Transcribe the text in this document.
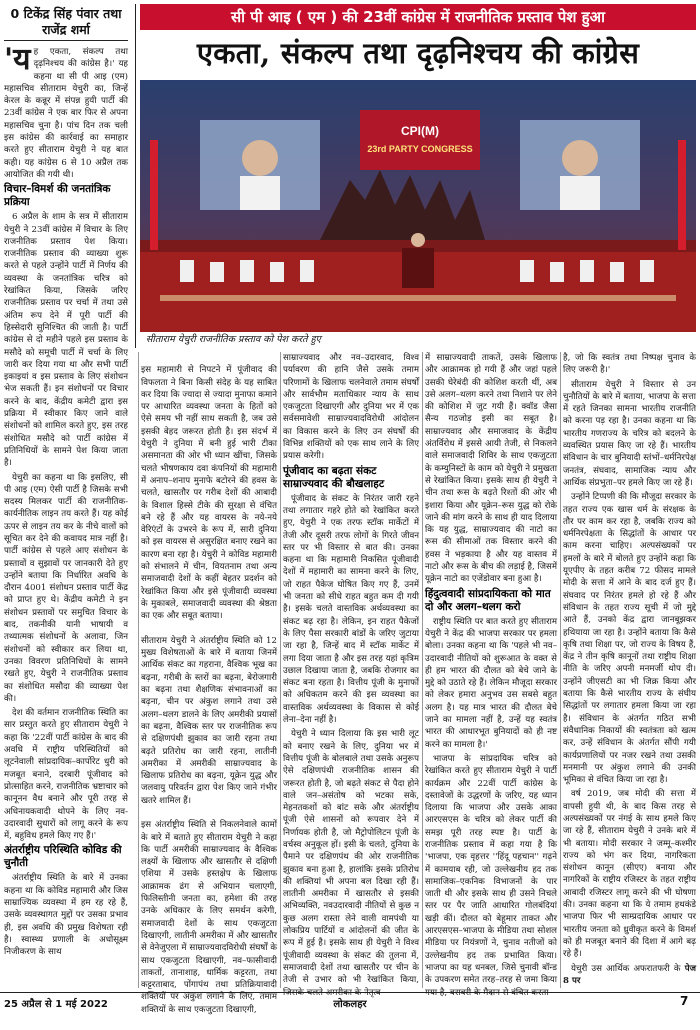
0 टिकेंद्र सिंह पंवार तथा राजेंद्र शर्मा
सी पी आइ ( एम ) की 23वीं कांग्रेस में राजनीतिक प्रस्ताव पेश हुआ
एकता, संकल्प तथा दृढ़निश्चय की कांग्रेस
CPI(M)
23rd PARTY CONGRESS
सीताराम येचुरी राजनीतिक प्रस्ताव को पेश करते हुए

'यह एकता, संकल्प तथा दृढ़निश्चय की कांग्रेस है।' यह कहना था सी पी आइ (एम) महासचिव सीताराम येचुरी का, जिन्हें केरल के कन्नूर में संपन्न हुयी पार्टी की 23वीं कांग्रेस ने एक बार फिर से अपना महासचिव चुना है। पांच दिन तक चली इस कांग्रेस की कार्रवाई का समाहार करते हुए सीताराम येचुरी ने यह बात कही। यह कांग्रेस 6 से 10 अप्रैल तक आयोजित की गयी थी।

विचार–विमर्श की जनतांत्रिक प्रक्रिया

6 अप्रैल के शाम के सत्र में सीताराम येचुरी ने 23वीं कांग्रेस में विचार के लिए राजनीतिक प्रस्ताव पेश किया। राजनीतिक प्रस्ताव की व्याख्या शुरू करते से पहले उन्होंने पार्टी में निर्णय की व्यवस्था के जनतांत्रिक चरित्र को रेखांकित किया, जिसके जरिए राजनीतिक प्रस्ताव पर चर्चा में तथा उसे अंतिम रूप देने में पूरी पार्टी की हिस्सेदारी सुनिश्चित की जाती है। पार्टी कांग्रेस से दो महीने पहले इस प्रस्ताव के मसौदे को समूची पार्टी में चर्चा के लिए जारी कर दिया गया था और सभी पार्टी इकाइयां व इस प्रस्ताव के लिए संशोधन भेज सकती हैं। इन संशोधनों पर विचार करने के बाद, केंद्रीय कमेटी द्वारा इस प्रक्रिया में स्वीकार किए जाने वाले संशोधनों को शामिल करते हुए, इस तरह संशोधित मसौदे को पार्टी कांग्रेस में प्रतिनिधियों के सामने पेश किया जाता है।

येचुरी का कहना था कि इसलिए, सी पी आइ (एम) ऐसी पार्टी है जिसके सभी सदस्य मिलकर पार्टी की राजनीतिक-कार्यनीतिक लाइन तय करते हैं। यह कोई ऊपर से लाइन तय कर के नीचे वालों को सूचित कर देने की कवायद मात्र नहीं है। पार्टी कांग्रेस से पहले आए संशोधन के प्रस्तावों व सुझावों पर जानकारी देते हुए उन्होंने बताया कि निर्धारित अवधि के दौरान 4001 संशोधन प्रस्ताव पार्टी केंद्र को प्राप्त हुए थे। केंद्रीय कमेटी ने इन संशोधन प्रस्तावों पर समुचित विचार के बाद, तकनीकी यानी भाषायी व तथ्यात्मक संशोधनों के अलावा, जिन संशोधनों को स्वीकार कर लिया था, उनका विवरण प्रतिनिधियों के सामने रखते हुए, येचुरी ने राजनीतिक प्रस्ताव का संशोधित मसौदा की व्याख्या पेश की।

देश की वर्तमान राजनीतिक स्थिति का सार प्रस्तुत करते हुए सीताराम येचुरी ने कहा कि '22वीं पार्टी कांग्रेस के बाद की अवधि में राष्ट्रीय परिस्थितियों को लूटनेवाली सांप्रदायिक–कार्पोरेट धुरी को मजबूत बनाने, दरबारी पूंजीवाद को प्रोत्साहित करने, राजनीतिक भ्रष्टाचार को कानूनन वैध बनाने और पूरी तरह से अधिनायकवादी थोपने के लिए नव-उदारवादी सुधारों को लागू करने के रूप में, बहुविध हमले किए गए हैं।'

अंतर्राष्ट्रीय परिस्थिति कोविड की चुनौती

अंतर्राष्ट्रीय स्थिति के बारे में उनका कहना था कि कोविड महामारी और जिस साम्राज्यिक व्यवस्था में हम रह रहे हैं, उसके व्यवस्थागत मुद्दों पर उसका प्रभाव ही, इस अवधि की प्रमुख विशेषता रही है। स्वास्थ्य प्रणाली के अधोसूक्ष्म निजीकरण के साथ

इस महामारी से निपटने में पूंजीवाद की विफलता ने बिना किसी संदेह के यह साबित कर दिया कि ज्यादा से ज्यादा मुनाफा कमाने पर आधारित व्यवस्था जनता के हितों को ऐसे समय भी नहीं साध सकती है, जब उसे इसकी बेहद जरूरत होती है। इस संदर्भ में येचुरी ने दुनिया में बनी हुई भारी टीका असमानता की ओर भी ध्यान खींचा, जिसके चलते भीषणकाय दवा कंपनियों की महामारी में अनाप–शनाप मुनाफे बटोरने की हवस के चलते, खासतौर पर गरीब देशों की आबादी के विशाल हिस्से टीके की सुरक्षा से वंचित बने रहे हैं और यह वायरस के नये-नये वेरिएंटों के उभरने के रूप में, सारी दुनिया को इस वायरस से असुरक्षित बनाए रखने का कारण बना रहा है। येचुरी ने कोविड महामारी को संभालने में चीन, वियतनाम तथा अन्य समाजवादी देशों के कहीं बेहतर प्रदर्शन को रेखांकित किया और इसे पूंजीवादी व्यवस्था के मुकाबले, समाजवादी व्यवस्था की श्रेष्ठता का एक और सबूत बताया।

सीताराम येचुरी ने अंतर्राष्ट्रीय स्थिति को 12 मुख्य विशेषताओं के बारे में बताया जिनमें आर्थिक संकट का गहराना, वैश्विक भूख का बढ़ना, गरीबी के स्तरों का बढ़ना, बेरोजगारी का बढ़ना तथा शैक्षणिक संभावनाओं का बढ़ना, चीन पर अंकुश लगाने तथा उसे अलग–थलग डालने के लिए अमरीकी प्रयासों का बढ़ना, वैश्विक स्तर पर राजनीतिक रूप से दक्षिणपंथी झुकाव का जारी रहना तथा बढ़ते प्रतिरोध का जारी रहना, लातीनी अमरीका में अमरीकी साम्राज्यवाद के खिलाफ प्रतिरोध का बढ़ना, यूक्रेन युद्ध और जलवायु परिवर्तन द्वारा पेश किए जाने गंभीर खतरे शामिल हैं।

इस अंतर्राष्ट्रीय स्थिति से निकलनेवाले कामों के बारे में बताते हुए सीताराम येचुरी ने कहा कि पार्टी अमरीकी साम्राज्यवाद के वैश्विक लक्ष्यों के खिलाफ और खासतौर से दक्षिणी एशिया में उसके हस्तक्षेप के खिलाफ आक्रामक ढंग से अभियान चलाएगी, फिलिस्तीनी जनता का, हमेशा की तरह उनके अधिकार के लिए समर्थन करेगी, समाजवादी देशों के साथ एकजुटता दिखाएगी, लातीनी अमरीका में और खासतौर से वेनेजुएला में साम्राज्यवादविरोधी संघर्षों के साथ एकजुटता दिखाएगी, नव–फासीवादी ताकतों, तानाशाह, धार्मिक कट्टरता, तथा कट्टरताबाद, पोंगापंथ तथा प्रतिक्रियावादी शक्तियों पर अंकुश लगाने के लिए, तमाम शक्तियों के साथ एकजुटता दिखाएगी,

साम्राज्यवाद और नव–उदारवाद, विश्व पर्यावरण की हानि जैसे उसके तमाम परिणामों के खिलाफ चलनेवाले तमाम संघर्षों और सार्वभौम मताधिकार न्याय के साथ एकजुटता दिखाएगी और दुनिया भर में एक सर्वसमावेशी साम्राज्यवादविरोधी आंदोलन का विकास करने के लिए उन संघर्षों की विभिन्न शक्तियों को एक साथ लाने के लिए प्रयास करेगी।

पूंजीवाद का बढ़ता संकट साम्राज्यवाद की बौखलाहट

पूंजीवाद के संकट के निरंतर जारी रहने तथा लगातार गहरे होते को रेखांकित करते हुए, येचुरी ने एक तरफ स्टॉक मार्केटों में तेजी और दूसरी तरफ लोगों के गिरते जीवन स्तर पर भी विस्तार से बात की। उनका कहना था कि महामारी निकसित पूंजीवादी देशों में महामारी का सामना करने के लिए, जो राहत पैकेज घोषित किए गए हैं, उनमें भी जनता को सीधे राहत बहुत कम दी गयी है। इसके चलते वास्तविक अर्थव्यवस्था का संकट बढ़ रहा है। लेकिन, इन राहत पैकेजों के लिए पैसा सरकारी बांडों के जरिए जुटाया जा रहा है, जिन्हें बाद में स्टॉक मार्केट में लगा दिया जाता है और इस तरह यहां कृत्रिम उछाल दिखाया जाता है, जबकि रोजगार का संकट बना रहता है। वित्तीय पूंजी के मुनाफों को अधिकतम करने की इस व्यवस्था का वास्तविक अर्थव्यवस्था के विकास से कोई लेना–देना नहीं है।

येचुरी ने ध्यान दिलाया कि इस भारी लूट को बनाए रखने के लिए, दुनिया भर में वित्तीय पूंजी के बोलबाले तथा उसके अनुरूप ऐसे दक्षिणपंथी राजनीतिक शासन की जरूरत होती है, जो बढ़ते संकट से पैदा होने वाले जन–असंतोष को भटका सके, मेहनतकशों को बांट सके और अंतर्राष्ट्रीय पूंजी ऐसे शासनों को रूपवार देने में निर्णायक होती है, जो मैट्रोपोलिटन पूंजी के वर्चस्व अनुकूल हों। इसी के चलते, दुनिया के पैमाने पर दक्षिणपंथ की ओर राजनीतिक झुकाव बना हुआ है, हालांकि इसके प्रतिरोध की शक्तियां भी अपना बल दिखा रही हैं। लातीनी अमरीका में खासतौर से इसकी अभिव्यक्ति, नवउदारवादी नीतियों से कुछ न कुछ अलग रास्ता लेने वाली वामपंथी या लोकप्रिय पार्टियों व आंदोलनों की जीत के रूप में हुई है। इसके साथ ही येचुरी ने विश्व पूंजीवादी व्यवस्था के संकट की तुलना में, समाजवादी देशों तथा खासतौर पर चीन के तेजी से उभार को भी रेखांकित किया, जिसके चलते अमरीका के नेतृत्व

में साम्राज्यवादी ताकतें, उसके खिलाफ और आक्रामक हो गयी हैं और जहां पहले उसकी घेरेबंदी की कोशिश करती थीं, अब उसे अलग–थलग करने तथा निशाने पर लेने की कोशिश में जुट गयी हैं। क्वॉड जैसा सैन्य गठजोड़ इसी का सबूत है। साम्राज्यवाद और समाजवाद के केंद्रीय अंतर्विरोध में इससे आयी तेजी, से निकलने वाले समाजवादी शिविर के साथ एकजुटता के कम्युनिस्टों के काम को येचुरी ने प्रमुखता से रेखांकित किया। इसके साथ ही येचुरी ने चीन तथा रूस के बढ़ते रिश्तों की ओर भी इशारा किया और यूक्रेन–रूस युद्ध को रोके जाने की मांग करने के साथ ही याद दिलाया कि यह युद्ध, साम्राज्यवाद की नाटो का रूस की सीमाओं तक विस्तार करने की हवस ने भड़काया है और यह वास्तव में नाटो और रूस के बीच की लड़ाई है, जिसमें यूक्रेन नाटो का एजेंडोवार बना हुआ है।

हिंदुत्ववादी सांप्रदायिकता को मात दो और अलग–थलग करो

राष्ट्रीय स्थिति पर बात करते हुए सीताराम येचुरी ने केंद्र की भाजपा सरकार पर हमला बोला। उनका कहना था कि 'पहले भी नव–उदारवादी नीतियों को शुरूआत के वक्त से ही हम भारत की दौलत को बेचे जाने के मुद्दे को उठाते रहे हैं। लेकिन मौजूदा सरकार को लेकर हमारा अनुभव उस सबसे बहुत अलग है। यह मात्र भारत की दौलत बेचे जाने का मामला नहीं है, उन्हें यह स्वतंत्र भारत की आधारभूत बुनियादों को ही नष्ट करने का मामला है।'

भाजपा के सांप्रदायिक चरित्र को रेखांकित करते हुए सीताराम येचुरी ने पार्टी कार्यक्रम और 22वीं पार्टी कांग्रेस के दस्तावेजों के उद्धरणों के जरिए, यह ध्यान दिलाया कि भाजपा और उसके आका आरएसएस के चरित्र को लेकर पार्टी की समझ पूरी तरह स्पष्ट है। पार्टी के राजनीतिक प्रस्ताव में कहा गया है कि 'भाजपा, एक वृहत्तर ''हिंदू पहचान'' गढ़ने में कामयाब रही, जो उल्लेखनीय हद तक सामाजिक–एकनिक विभाजनों के पार जाती थी और इसके साथ ही उसने निचले स्तर पर पैर जाति आधारित गोलबंदियां खड़ी कीं। दौलत को बेहूमार ताकत और आरएसएस–भाजपा के मीडिया तथा सोशल मीडिया पर नियंत्रणों ने, चुनाव नतीजों को उल्लेखनीय हद तक प्रभावित किया। भाजपा का यह धनबल, जिसे चुनावी बॉन्ड के उपकरण समेत तरह–तरह से जमा किया गया है, बराबरी के मैदान से वंचित करता

है, जो कि स्वतंत्र तथा निष्पक्ष चुनाव के लिए जरूरी है।'

सीताराम येचुरी ने विस्तार से उन चुनौतियों के बारे में बताया, भाजपा के सत्ता में रहते जिनका सामना भारतीय राजनीति को करना पड़ रहा है। उनका कहना था कि भारतीय गणराज्य के चरित्र को बदलने के व्यवस्थित प्रयास किए जा रहे हैं। भारतीय संविधान के चार बुनियादी स्तंभों–धर्मनिरपेक्ष जनतंत्र, संघवाद, सामाजिक न्याय और आर्थिक संप्रभुता–पर हमले किए जा रहे हैं।

उन्होंने टिप्पणी की कि मौजूदा सरकार के तहत राज्य एक खास धर्म के संरक्षक के तौर पर काम कर रहा है, जबकि राज्य को धर्मनिरपेक्षता के सिद्धांतों के आधार पर काम करना चाहिए। अल्पसंख्यकों पर हमलों के बारे में बोलते हुए उन्होंने कहा कि यूएपीए के तहत करीब 72 फीसद मामले मोदी के सत्ता में आने के बाद दर्ज हुए हैं। संघवाद पर निरंतर हमले हो रहे हैं और संविधान के तहत राज्य सूची में जो मुद्दे आते हैं, उनको केंद्र द्वारा जानबूझकर हथियाया जा रहा है। उन्होंने बताया कि कैसे कृषि तथा शिक्षा पर, जो राज्य के विषय हैं, केंद्र ने तीन कृषि कानूनों तथा राष्ट्रीय शिक्षा नीति के जरिए अपनी मनमर्जी थोप दी। उन्होंने जीएसटी का भी जिक्र किया और बताया कि कैसे भारतीय राज्य के संघीय सिद्धांतों पर लगातार हमला किया जा रहा है। संविधान के अंतर्गत गठित सभी संवैधानिक निकायों की स्वतंत्रता को खत्म कर, उन्हें संविधान के अंतर्गत सौंपी गयी कार्यप्रणालियों पर नजर रखने तथा उसकी मनमानी पर अंकुश लगाने की उनकी भूमिका से वंचित किया जा रहा है।

वर्ष 2019, जब मोदी की सत्ता में वापसी हुयी थी, के बाद किस तरह से अल्पसंख्यकों पर नंगई के साथ हमले किए जा रहे हैं, सीताराम येचुरी ने उनके बारे में भी बताया। मोदी सरकार ने जम्मू–कश्मीर राज्य को भंग कर दिया, नागरिकता संशोधन कानून (सीएए) बनाया और नागरिकों के राष्ट्रीय रजिस्टर के तहत राष्ट्रीय आबादी रजिस्टर लागू करने की भी घोषणा की। उनका कहना था कि ये तमाम हथकंडे भाजपा फिर भी साम्प्रदायिक आधार पर भारतीय जनता को ध्रुवीकृत करने के विमर्श को ही मजबूत बनाने की दिशा में आगे बढ़ रहे हैं।

येचुरी उस आर्थिक अफरातफरी के पेज 8 पर

25 अप्रैल से 1 मई 2022	लोकलहर	7
